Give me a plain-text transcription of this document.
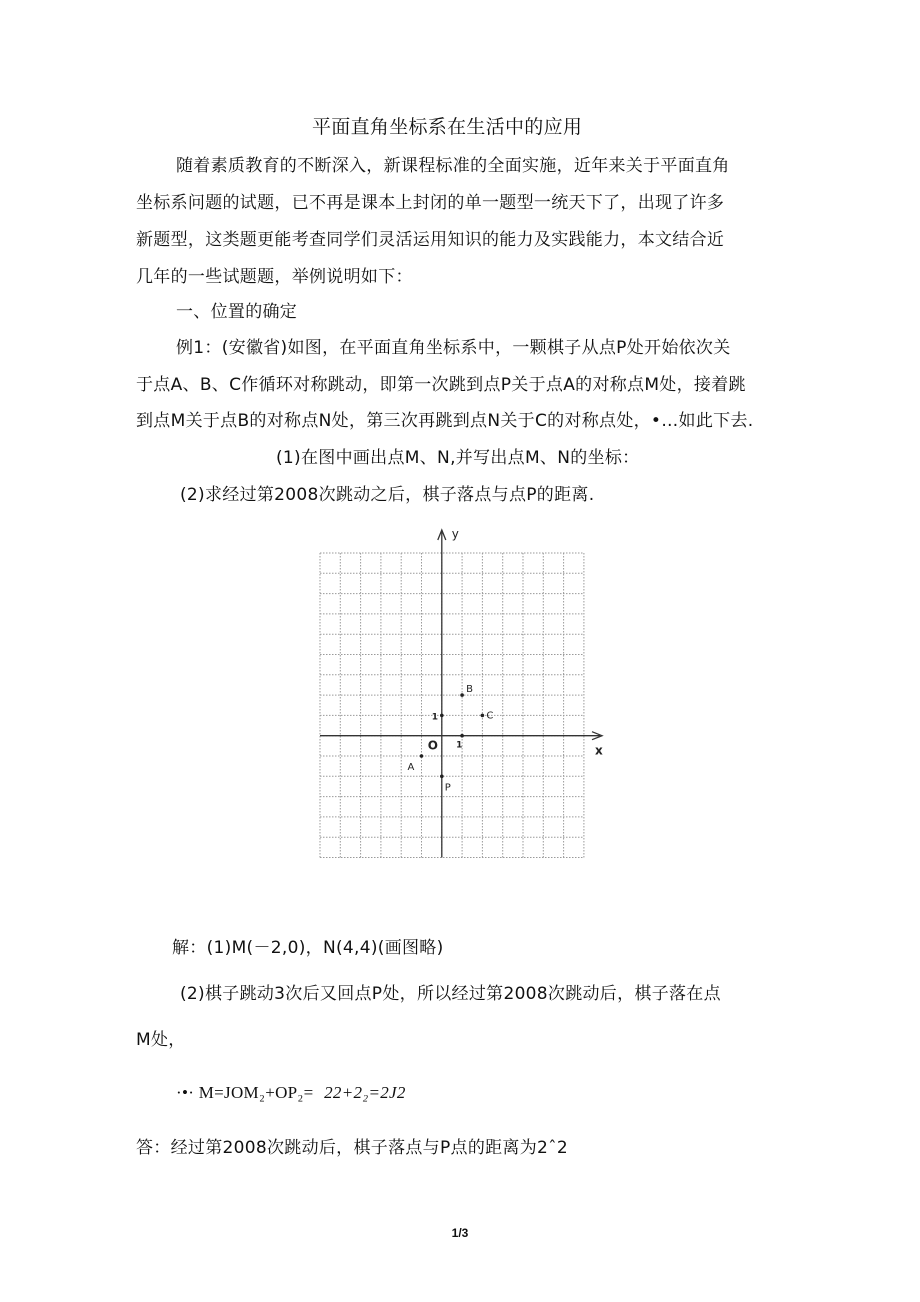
平面直角坐标系在生活中的应用
随着素质教育的不断深入，新课程标准的全面实施，近年来关于平面直角
坐标系问题的试题，已不再是课本上封闭的单一题型一统天下了，出现了许多
新题型，这类题更能考查同学们灵活运用知识的能力及实践能力，本文结合近
几年的一些试题题，举例说明如下：
一、位置的确定
例1：(安徽省)如图，在平面直角坐标系中，一颗棋子从点P处开始依次关
于点A、B、C作循环对称跳动，即第一次跳到点P关于点A的对称点M处，接着跳
到点M关于点B的对称点N处，第三次再跳到点N关于C的对称点处，•…如此下去.
(1)在图中画出点M、N,并写出点M、N的坐标：
(2)求经过第2008次跳动之后，棋子落点与点P的距离.
y
x
O 1
1
B
C
A
P
解：(1)M(－2,0)，N(4,4)(画图略)
(2)棋子跳动3次后又回点P处，所以经过第2008次跳动后，棋子落在点
M处，
·•· M=JOM₂+OP₂= 22+2₂=2J2
答：经过第2008次跳动后，棋子落点与P点的距离为2ˆ2
1/3
